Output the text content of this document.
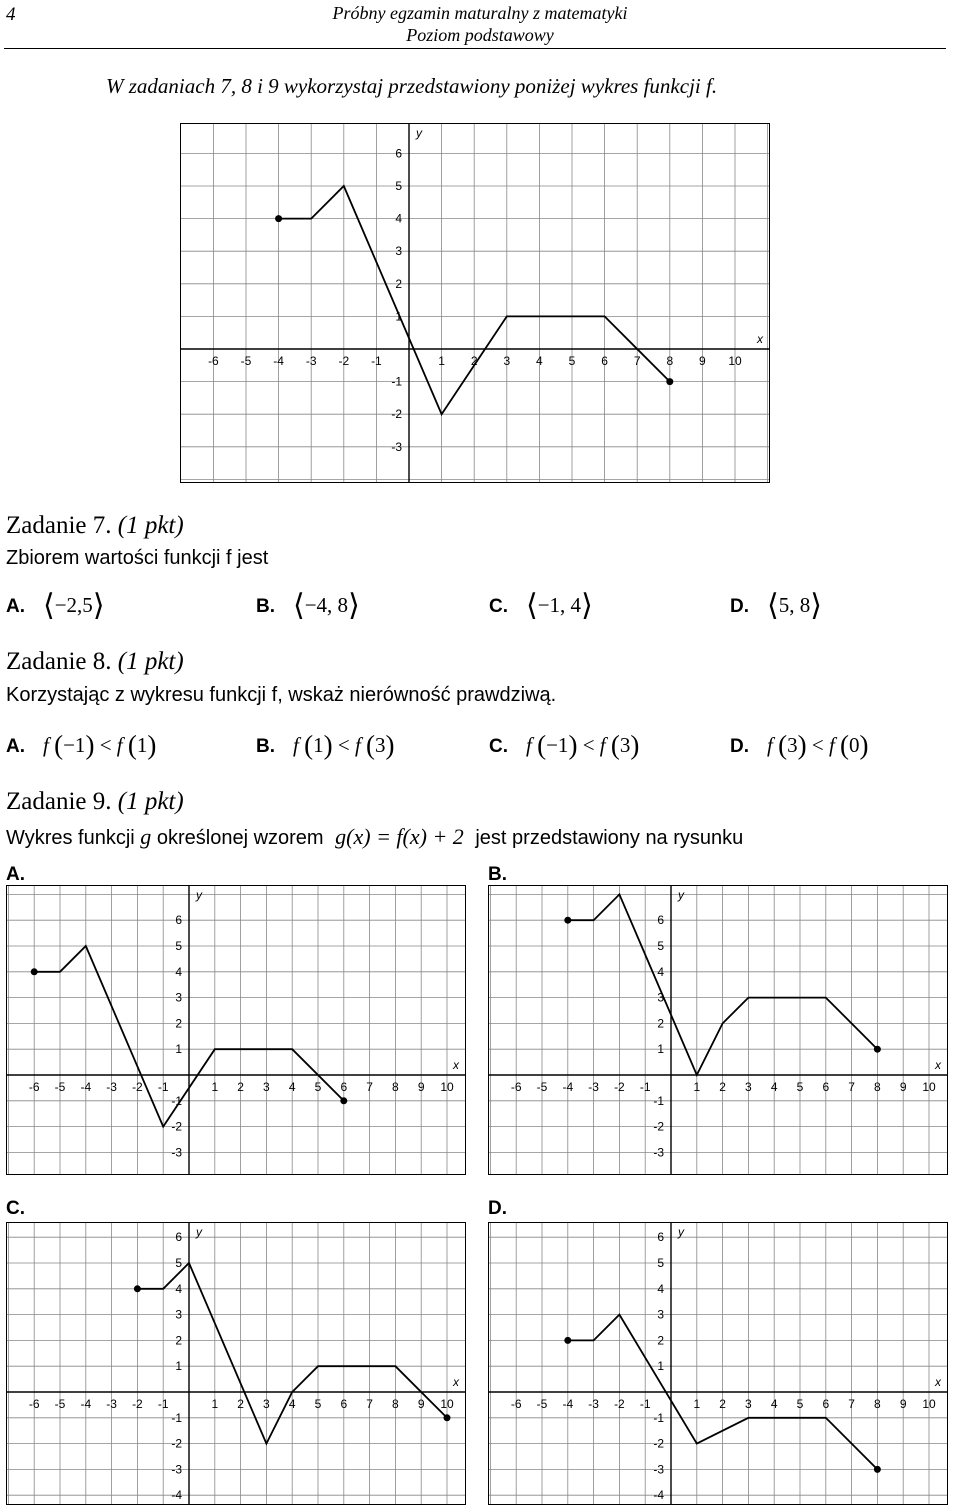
4	Próbny egzamin maturalny z matematyki
Poziom podstawowy
W zadaniach 7, 8 i 9 wykorzystaj przedstawiony poniżej wykres funkcji f.
-6 -5 -4 -3 -2 -1	1 2 3 4 5 6 7 8 9 10
6
5
4
3
2
1
-1
-2
-3
x
y
Zadanie 7. (1 pkt)
Zbiorem wartości funkcji f jest
A. ⟨−2,5⟩	B. ⟨−4, 8⟩	C. ⟨−1, 4⟩	D. ⟨5, 8⟩
Zadanie 8. (1 pkt)
Korzystając z wykresu funkcji f, wskaż nierówność prawdziwą.
A. f (−1) < f (1)	B. f (1) < f (3)	C. f (−1) < f (3)	D. f (3) < f (0)
Zadanie 9. (1 pkt)
Wykres funkcji g określonej wzorem g(x) = f(x) + 2 jest przedstawiony na rysunku
A.	B.
C.	D.
-6 -5 -4 -3 -2 -1	1 2 3 4 5 6 7 8 9 10
6
5
4
3
2
1
-1
-2
-3
x
y
-6 -5 -4 -3 -2 -1	1 2 3 4 5 6 7 8 9 10
6
5
4
3
2
1
-1
-2
-3
x
y
-6 -5 -4 -3 -2 -1	1 2 3 4 5 6 7 8 9 10
6
5
4
3
2
1
-1
-2
-3
-4
x
y
-6 -5 -4 -3 -2 -1	1 2 3 4 5 6 7 8 9 10
6
5
4
3
2
1
-1
-2
-3
-4
x
y
